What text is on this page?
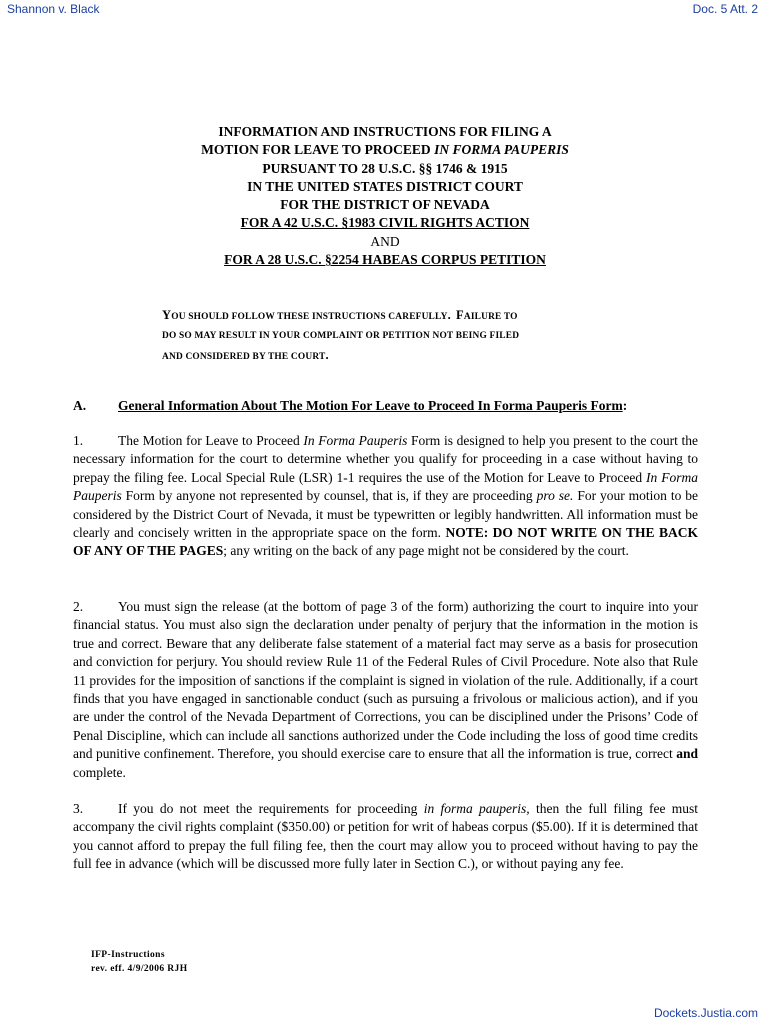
Shannon v. Black	Doc. 5 Att. 2
INFORMATION AND INSTRUCTIONS FOR FILING A
MOTION FOR LEAVE TO PROCEED IN FORMA PAUPERIS
PURSUANT TO 28 U.S.C. §§ 1746 & 1915
IN THE UNITED STATES DISTRICT COURT
FOR THE DISTRICT OF NEVADA
FOR A 42 U.S.C. §1983 CIVIL RIGHTS ACTION
AND
FOR A 28 U.S.C. §2254 HABEAS CORPUS PETITION
YOU SHOULD FOLLOW THESE INSTRUCTIONS CAREFULLY. FAILURE TO
DO SO MAY RESULT IN YOUR COMPLAINT OR PETITION NOT BEING FILED
AND CONSIDERED BY THE COURT.
A. General Information About The Motion For Leave to Proceed In Forma Pauperis Form:
1.	The Motion for Leave to Proceed In Forma Pauperis Form is designed to help you present to the court the necessary information for the court to determine whether you qualify for proceeding in a case without having to prepay the filing fee. Local Special Rule (LSR) 1-1 requires the use of the Motion for Leave to Proceed In Forma Pauperis Form by anyone not represented by counsel, that is, if they are proceeding pro se. For your motion to be considered by the District Court of Nevada, it must be typewritten or legibly handwritten. All information must be clearly and concisely written in the appropriate space on the form. NOTE: DO NOT WRITE ON THE BACK OF ANY OF THE PAGES; any writing on the back of any page might not be considered by the court.
2.	You must sign the release (at the bottom of page 3 of the form) authorizing the court to inquire into your financial status. You must also sign the declaration under penalty of perjury that the information in the motion is true and correct. Beware that any deliberate false statement of a material fact may serve as a basis for prosecution and conviction for perjury. You should review Rule 11 of the Federal Rules of Civil Procedure. Note also that Rule 11 provides for the imposition of sanctions if the complaint is signed in violation of the rule. Additionally, if a court finds that you have engaged in sanctionable conduct (such as pursuing a frivolous or malicious action), and if you are under the control of the Nevada Department of Corrections, you can be disciplined under the Prisons’ Code of Penal Discipline, which can include all sanctions authorized under the Code including the loss of good time credits and punitive confinement. Therefore, you should exercise care to ensure that all the information is true, correct and complete.
3.	If you do not meet the requirements for proceeding in forma pauperis, then the full filing fee must accompany the civil rights complaint ($350.00) or petition for writ of habeas corpus ($5.00). If it is determined that you cannot afford to prepay the full filing fee, then the court may allow you to proceed without having to pay the full fee in advance (which will be discussed more fully later in Section C.), or without paying any fee.
IFP-Instructions
rev. eff. 4/9/2006 RJH
Dockets.Justia.com
